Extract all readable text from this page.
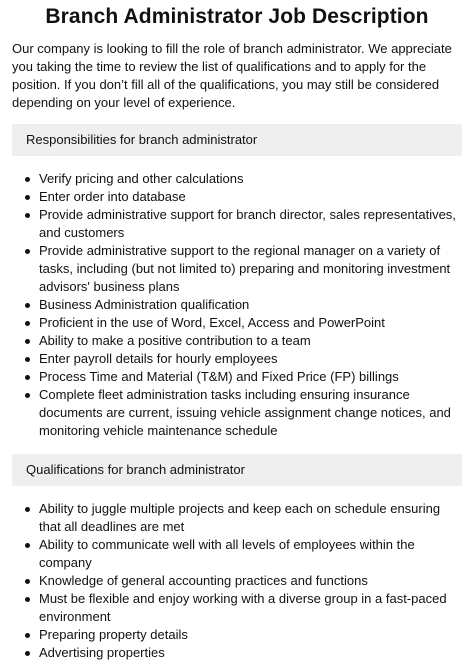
Branch Administrator Job Description

Our company is looking to fill the role of branch administrator. We appreciate you taking the time to review the list of qualifications and to apply for the position. If you don’t fill all of the qualifications, you may still be considered depending on your level of experience.

Responsibilities for branch administrator
Verify pricing and other calculations
Enter order into database
Provide administrative support for branch director, sales representatives, and customers
Provide administrative support to the regional manager on a variety of tasks, including (but not limited to) preparing and monitoring investment advisors' business plans
Business Administration qualification
Proficient in the use of Word, Excel, Access and PowerPoint
Ability to make a positive contribution to a team
Enter payroll details for hourly employees
Process Time and Material (T&M) and Fixed Price (FP) billings
Complete fleet administration tasks including ensuring insurance documents are current, issuing vehicle assignment change notices, and monitoring vehicle maintenance schedule
Qualifications for branch administrator
Ability to juggle multiple projects and keep each on schedule ensuring that all deadlines are met
Ability to communicate well with all levels of employees within the company
Knowledge of general accounting practices and functions
Must be flexible and enjoy working with a diverse group in a fast-paced environment
Preparing property details
Advertising properties
